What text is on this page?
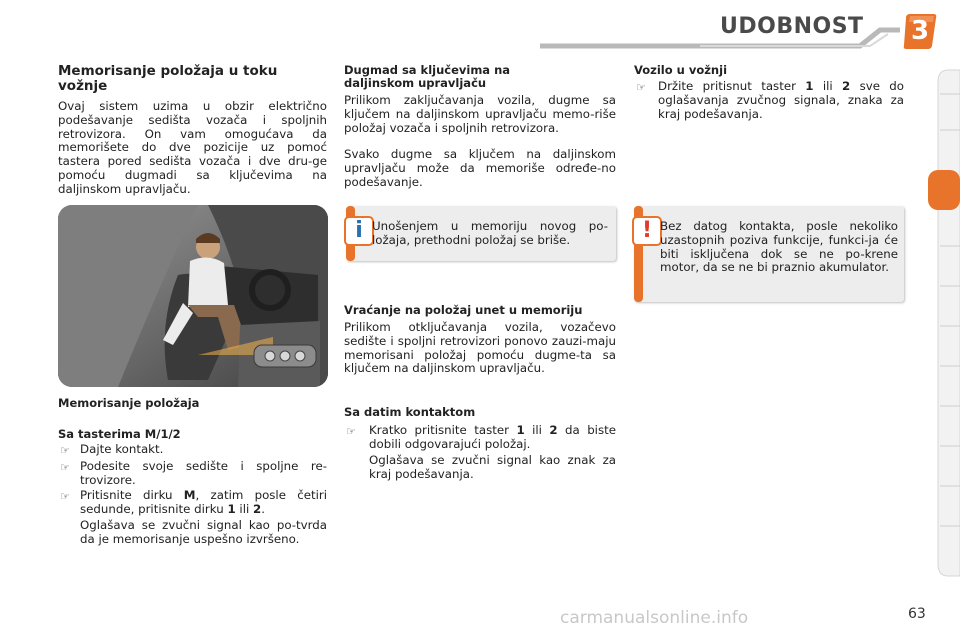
UDOBNOST	3
Memorisanje položaja u toku vožnje

Ovaj sistem uzima u obzir električno podešavanje sedišta vozača i spoljnih retrovizora. On vam omogućava da memorišete do dve pozicije uz pomoć tastera pored sedišta vozača i dve dru-ge pomoću dugmadi sa ključevima na daljinskom upravljaču.

Memorisanje položaja
Sa tasterima M/1/2
☞ Dajte kontakt.

☞ Podesite svoje sedište i spoljne re-trovizore.

☞ Pritisnite dirku M, zatim posle četiri sedunde, pritisnite dirku 1 ili 2.

Oglašava se zvučni signal kao po-tvrda da je memorisanje uspešno izvršeno.

Dugmad sa ključevima na daljinskom upravljaču

Prilikom zaključavanja vozila, dugme sa ključem na daljinskom upravljaču memo-riše položaj vozača i spoljnih retrovizora.

Svako dugme sa ključem na daljinskom upravljaču može da memoriše određe-no podešavanje.

i Unošenjem u memoriju novog po-ložaja, prethodni položaj se briše.

Vraćanje na položaj unet u memoriju

Prilikom otključavanja vozila, vozačevo sedište i spoljni retrovizori ponovo zauzi-maju memorisani položaj pomoću dugme-ta sa ključem na daljinskom upravljaču.

Sa datim kontaktom
☞ Kratko pritisnite taster 1 ili 2 da biste dobili odgovarajući položaj.

Oglašava se zvučni signal kao znak za kraj podešavanja.

Vozilo u vožnji
☞ Držite pritisnut taster 1 ili 2 sve do oglašavanja zvučnog signala, znaka za kraj podešavanja.

! Bez datog kontakta, posle nekoliko uzastopnih poziva funkcije, funkci-ja će biti isključena dok se ne po-krene motor, da se ne bi praznio akumulator.

carmanualsonline.info	63
